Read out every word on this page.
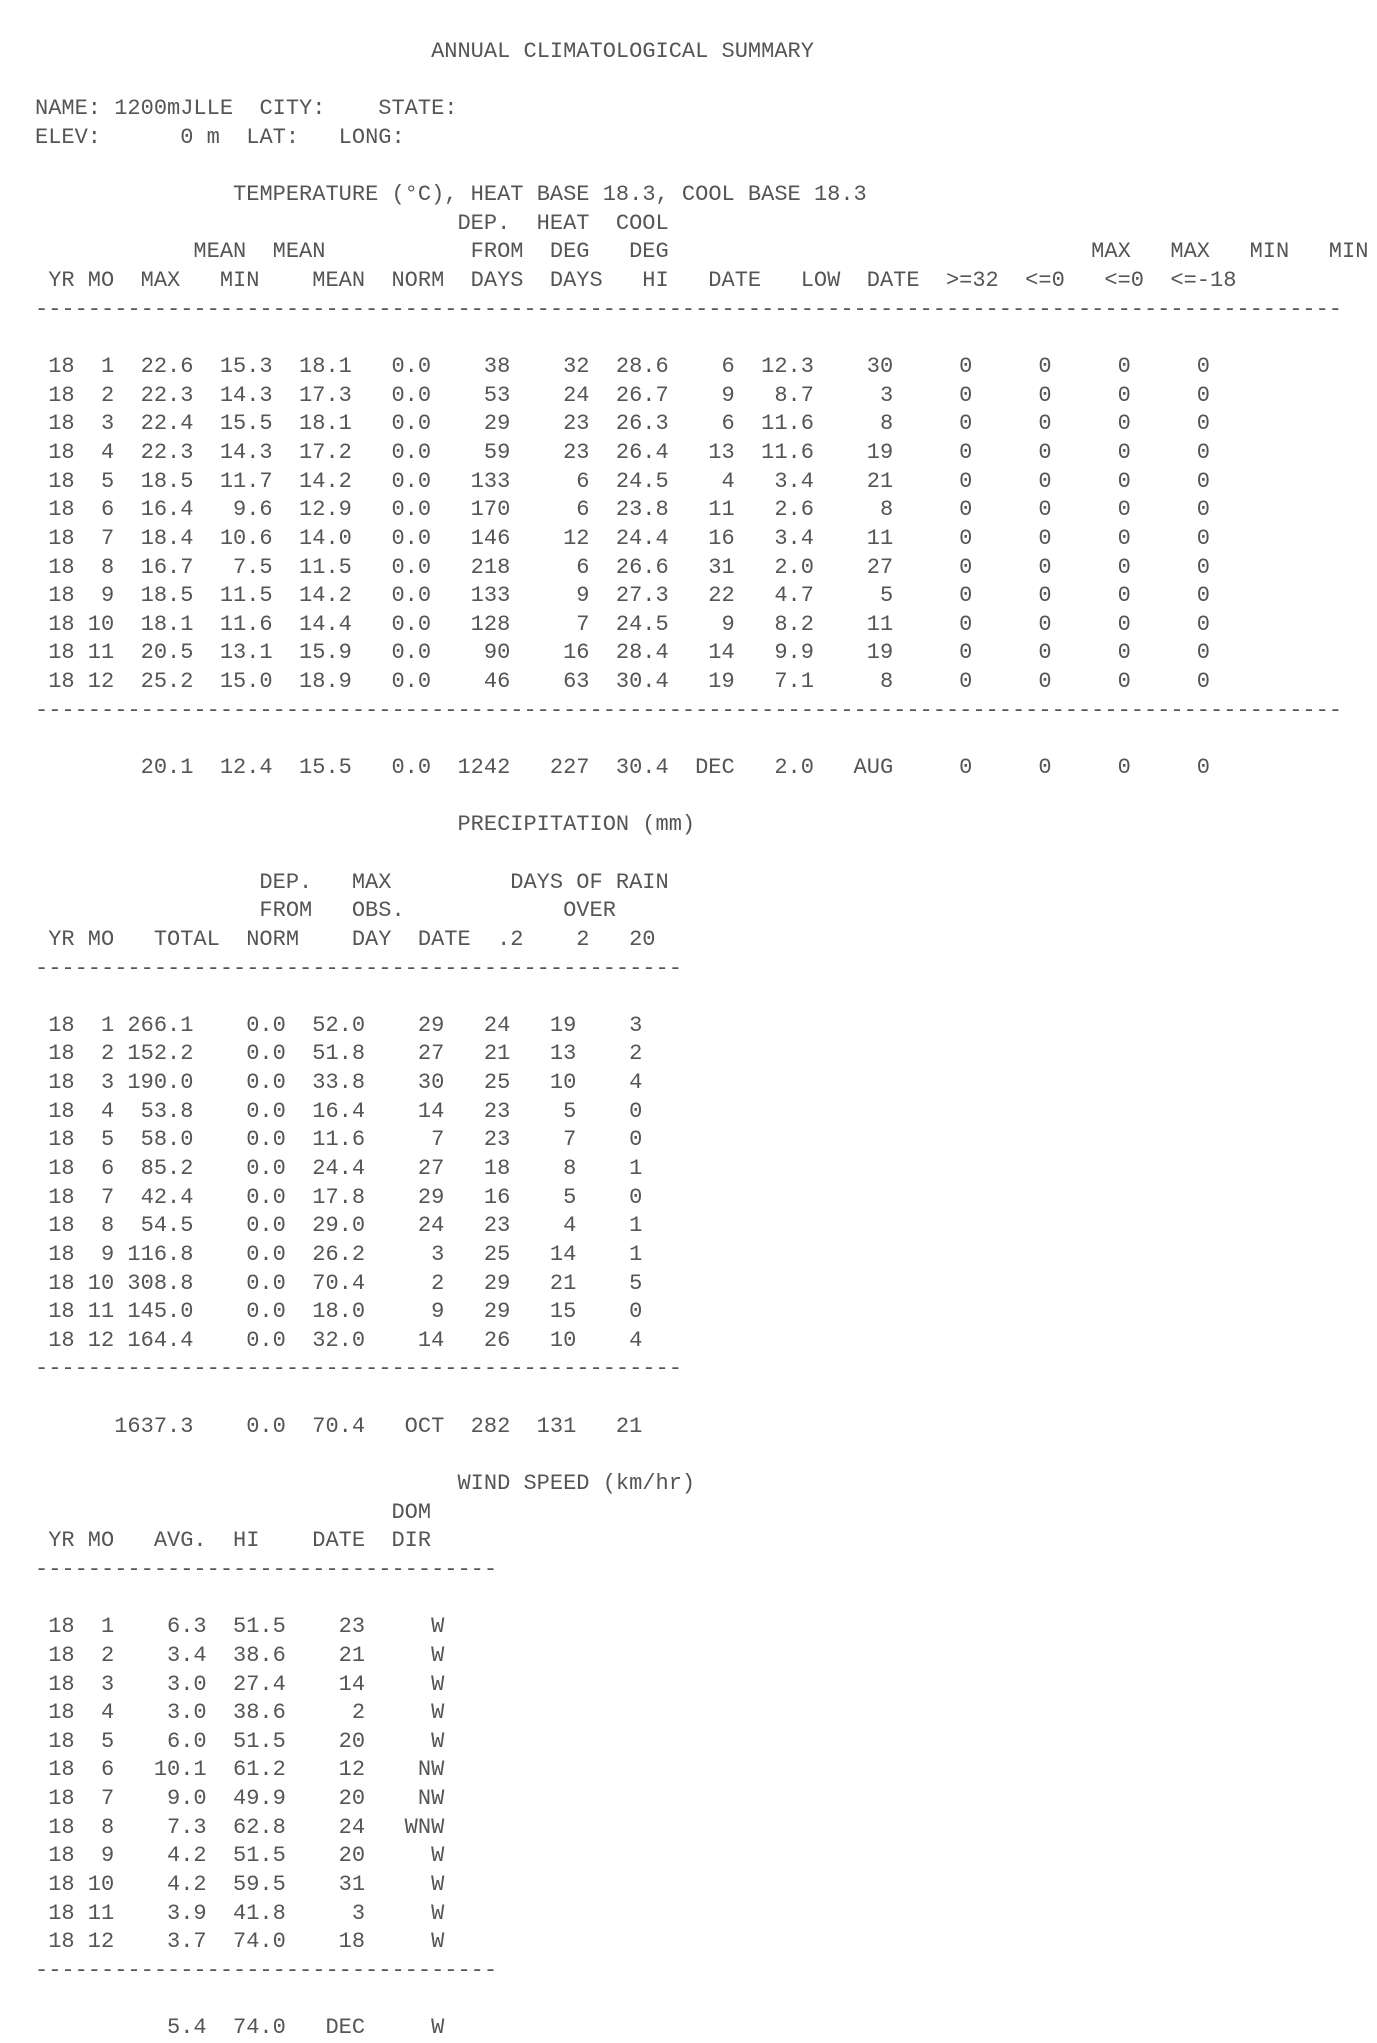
ANNUAL CLIMATOLOGICAL SUMMARY
NAME: 1200mJLLE CITY: STATE:
ELEV:	0 m LAT: LONG:
TEMPERATURE (°C), HEAT BASE 18.3, COOL BASE 18.3
DEP.  HEAT  COOL
MEAN  MEAN           FROM  DEG   DEG                                MAX   MAX   MIN   MIN
YR MO  MAX   MIN    MEAN  NORM  DAYS  DAYS   HI   DATE   LOW  DATE  >=32  <=0   <=0  <=-18
---------------------------------------------------------------------------------------------------
18  1  22.6  15.3  18.1   0.0    38    32  28.6    6  12.3    30     0     0     0     0
18  2  22.3  14.3  17.3   0.0    53    24  26.7    9   8.7     3     0     0     0     0
18  3  22.4  15.5  18.1   0.0    29    23  26.3    6  11.6     8     0     0     0     0
18  4  22.3  14.3  17.2   0.0    59    23  26.4   13  11.6    19     0     0     0     0
18  5  18.5  11.7  14.2   0.0   133     6  24.5    4   3.4    21     0     0     0     0
18  6  16.4   9.6  12.9   0.0   170     6  23.8   11   2.6     8     0     0     0     0
18  7  18.4  10.6  14.0   0.0   146    12  24.4   16   3.4    11     0     0     0     0
18  8  16.7   7.5  11.5   0.0   218     6  26.6   31   2.0    27     0     0     0     0
18  9  18.5  11.5  14.2   0.0   133     9  27.3   22   4.7     5     0     0     0     0
18 10  18.1  11.6  14.4   0.0   128     7  24.5    9   8.2    11     0     0     0     0
18 11  20.5  13.1  15.9   0.0    90    16  28.4   14   9.9    19     0     0     0     0
18 12  25.2  15.0  18.9   0.0    46    63  30.4   19   7.1     8     0     0     0     0
---------------------------------------------------------------------------------------------------
20.1  12.4  15.5   0.0  1242   227  30.4  DEC   2.0   AUG     0     0     0     0
PRECIPITATION (mm)
DEP.   MAX         DAYS OF RAIN
FROM   OBS.            OVER
YR MO   TOTAL  NORM    DAY  DATE  .2    2   20
-------------------------------------------------
18  1 266.1    0.0  52.0    29   24   19    3
18  2 152.2    0.0  51.8    27   21   13    2
18  3 190.0    0.0  33.8    30   25   10    4
18  4  53.8    0.0  16.4    14   23    5    0
18  5  58.0    0.0  11.6     7   23    7    0
18  6  85.2    0.0  24.4    27   18    8    1
18  7  42.4    0.0  17.8    29   16    5    0
18  8  54.5    0.0  29.0    24   23    4    1
18  9 116.8    0.0  26.2     3   25   14    1
18 10 308.8    0.0  70.4     2   29   21    5
18 11 145.0    0.0  18.0     9   29   15    0
18 12 164.4    0.0  32.0    14   26   10    4
-------------------------------------------------
1637.3    0.0  70.4   OCT  282  131   21
WIND SPEED (km/hr)
DOM
YR MO   AVG.  HI    DATE  DIR
-----------------------------------
18  1    6.3  51.5    23     W
18  2    3.4  38.6    21     W
18  3    3.0  27.4    14     W
18  4    3.0  38.6     2     W
18  5    6.0  51.5    20     W
18  6   10.1  61.2    12    NW
18  7    9.0  49.9    20    NW
18  8    7.3  62.8    24   WNW
18  9    4.2  51.5    20     W
18 10    4.2  59.5    31     W
18 11    3.9  41.8     3     W
18 12    3.7  74.0    18     W
-----------------------------------
5.4  74.0   DEC     W
